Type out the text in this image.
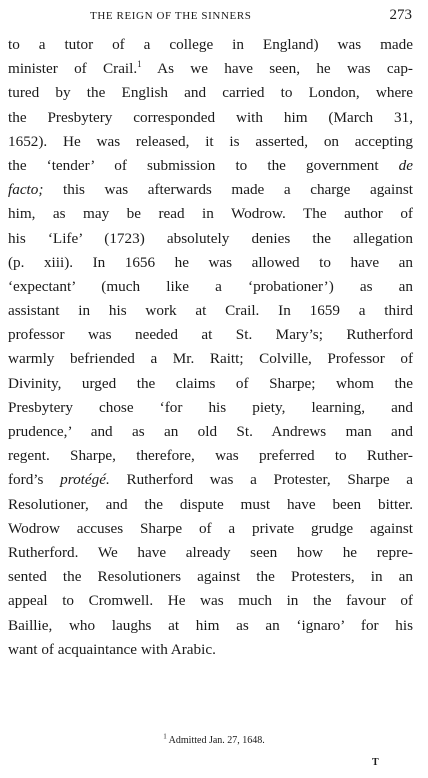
THE REIGN OF THE SINNERS	273
to a tutor of a college in England) was made
minister of Crail.$^1$ As we have seen, he was cap-
tured by the English and carried to London, where
the Presbytery corresponded with him (March 31,
1652). He was released, it is asserted, on accepting
the ‘tender’ of submission to the government de
facto; this was afterwards made a charge against
him, as may be read in Wodrow. The author of
his ‘Life’ (1723) absolutely denies the allegation
(p. xiii). In 1656 he was allowed to have an
‘expectant’ (much like a ‘probationer’) as an
assistant in his work at Crail. In 1659 a third
professor was needed at St. Mary’s; Rutherford
warmly befriended a Mr. Raitt; Colville, Professor of
Divinity, urged the claims of Sharpe; whom the
Presbytery chose ‘for his piety, learning, and
prudence,’ and as an old St. Andrews man and
regent. Sharpe, therefore, was preferred to Ruther-
ford’s protégé. Rutherford was a Protester, Sharpe a
Resolutioner, and the dispute must have been bitter.
Wodrow accuses Sharpe of a private grudge against
Rutherford. We have already seen how he repre-
sented the Resolutioners against the Protesters, in an
appeal to Cromwell. He was much in the favour of
Baillie, who laughs at him as an ‘ignaro’ for his
want of acquaintance with Arabic.
$^1$ Admitted Jan. 27, 1648.
T
